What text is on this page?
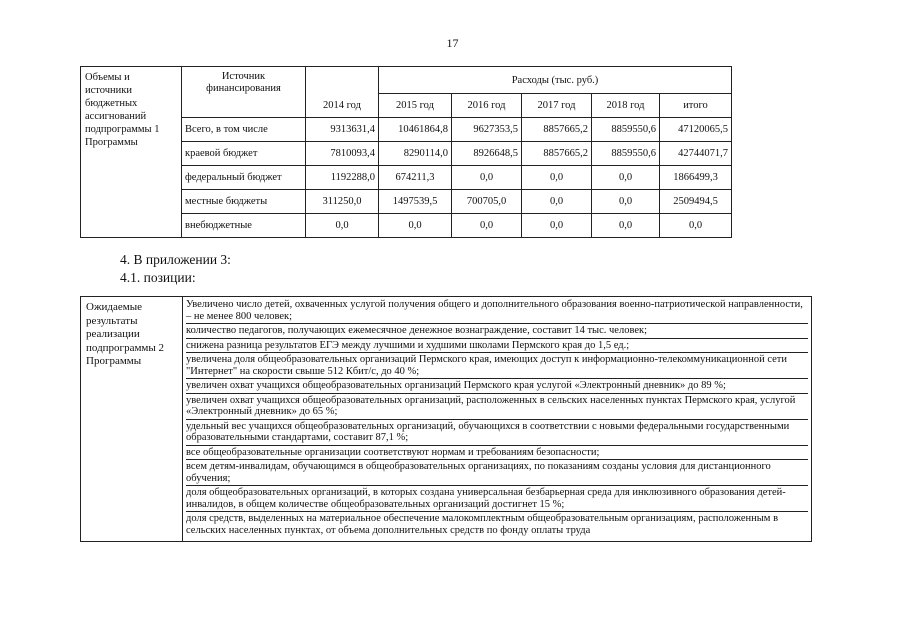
17
Объемы и источники бюджетных ассигнований подпрограммы 1 Программы	Источник финансирования		Расходы (тыс. руб.)				
		2014 год	2015 год	2016 год	2017 год	2018 год	итого
	Всего, в том числе	9313631,4	10461864,8	9627353,5	8857665,2	8859550,6	47120065,5
	краевой бюджет	7810093,4	8290114,0	8926648,5	8857665,2	8859550,6	42744071,7
	федеральный бюджет	1192288,0	674211,3	0,0	0,0	0,0	1866499,3
	местные бюджеты	311250,0	1497539,5	700705,0	0,0	0,0	2509494,5
	внебюджетные	0,0	0,0	0,0	0,0	0,0	0,0
4. В приложении 3:
4.1. позиции:
Ожидаемые результаты реализации подпрограммы 2 Программы	
Увеличено число детей, охваченных услугой получения общего и дополнительного образования военно-патриотической направленности, – не менее 800 человек;
количество педагогов, получающих ежемесячное денежное вознаграждение, составит 14 тыс. человек;
снижена разница результатов ЕГЭ между лучшими и худшими школами Пермского края до 1,5 ед.;
увеличена доля общеобразовательных организаций Пермского края, имеющих доступ к информационно-телекоммуникационной сети "Интернет" на скорости свыше 512 Кбит/с, до 40 %;
увеличен охват учащихся общеобразовательных организаций Пермского края услугой «Электронный дневник» до 89 %;
увеличен охват учащихся общеобразовательных организаций, расположенных в сельских населенных пунктах Пермского края, услугой «Электронный дневник» до 65 %;
удельный вес учащихся общеобразовательных организаций, обучающихся в соответствии с новыми федеральными государственными образовательными стандартами, составит 87,1 %;
все общеобразовательные организации соответствуют нормам и требованиям безопасности;
всем детям-инвалидам, обучающимся в общеобразовательных организациях, по показаниям созданы условия для дистанционного обучения;
доля общеобразовательных организаций, в которых создана универсальная безбарьерная среда для инклюзивного образования детей-инвалидов, в общем количестве общеобразовательных организаций достигнет 15 %;
доля средств, выделенных на материальное обеспечение малокомплектным общеобразовательным организациям, расположенным в сельских населенных пунктах, от объема дополнительных средств по фонду оплаты труда
